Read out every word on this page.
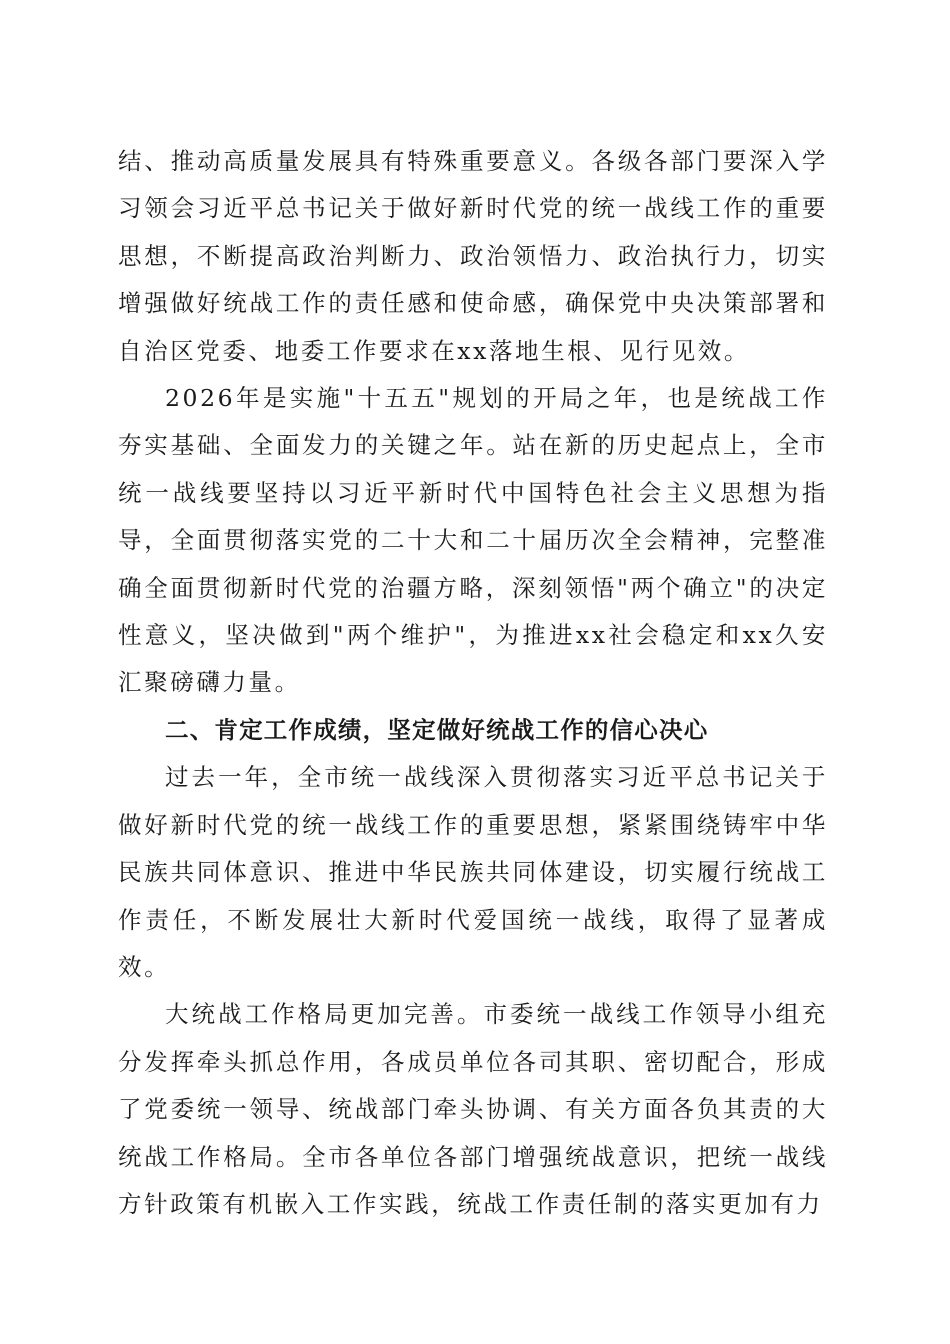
结、推动高质量发展具有特殊重要意义。各级各部门要深入学习领会习近平总书记关于做好新时代党的统一战线工作的重要思想，不断提高政治判断力、政治领悟力、政治执行力，切实增强做好统战工作的责任感和使命感，确保党中央决策部署和自治区党委、地委工作要求在xx落地生根、见行见效。

2026年是实施"十五五"规划的开局之年，也是统战工作夯实基础、全面发力的关键之年。站在新的历史起点上，全市统一战线要坚持以习近平新时代中国特色社会主义思想为指导，全面贯彻落实党的二十大和二十届历次全会精神，完整准确全面贯彻新时代党的治疆方略，深刻领悟"两个确立"的决定性意义，坚决做到"两个维护"，为推进xx社会稳定和xx久安汇聚磅礴力量。

二、肯定工作成绩，坚定做好统战工作的信心决心

过去一年，全市统一战线深入贯彻落实习近平总书记关于做好新时代党的统一战线工作的重要思想，紧紧围绕铸牢中华民族共同体意识、推进中华民族共同体建设，切实履行统战工作责任，不断发展壮大新时代爱国统一战线，取得了显著成效。

大统战工作格局更加完善。市委统一战线工作领导小组充分发挥牵头抓总作用，各成员单位各司其职、密切配合，形成了党委统一领导、统战部门牵头协调、有关方面各负其责的大统战工作格局。全市各单位各部门增强统战意识，把统一战线方针政策有机嵌入工作实践，统战工作责任制的落实更加有力
